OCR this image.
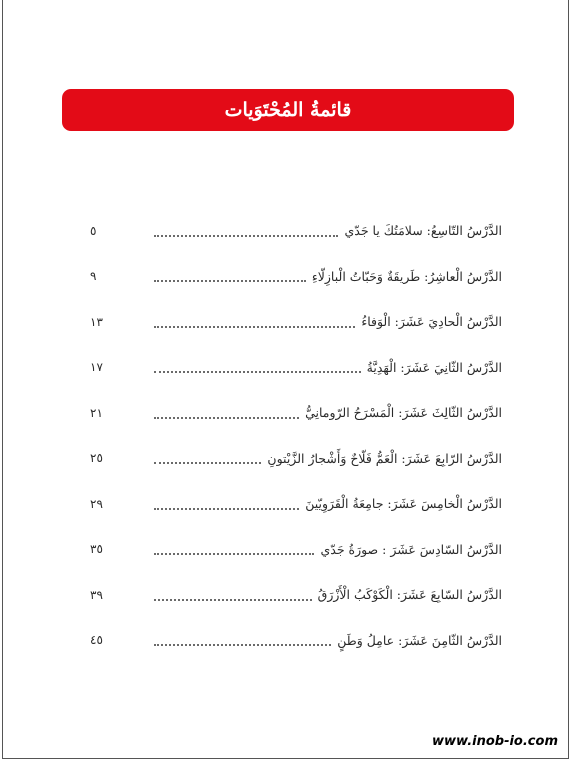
قائمةُ المُحْتَوَيات
الدَّرْسُ التّاسِعُ: سلامَتُكَ يا جَدّي
٥
الدَّرْسُ الْعاشِرُ: طَريقَةٌ وَحَبّاتُ الْبازِلّاءِ
٩
الدَّرْسُ الْحادِيَ عَشَرَ: الْوَفاءُ
١٣
الدَّرْسُ الثّانِيَ عَشَرَ: الْهَدِيَّةُ
١٧
الدَّرْسُ الثّالِثَ عَشَرَ: الْمَسْرَحُ الرّومانِيُّ
٢١
الدَّرْسُ الرّابِعَ عَشَرَ: الْعَمُّ فَلّاحٌ وَأَشْجارُ الزَّيْتونِ
٢٥
الدَّرْسُ الْخامِسَ عَشَرَ: جامِعَةُ الْقَرَوِيّينَ
٢٩
الدَّرْسُ السّادِسَ عَشَرَ : صورَةُ جَدّي
٣٥
الدَّرْسُ السّابِعَ عَشَرَ: الْكَوْكَبُ الْأَزْرَقُ
٣٩
الدَّرْسُ الثّامِنَ عَشَرَ: عامِلُ وَطَنٍ
٤٥
www.inob-io.com
